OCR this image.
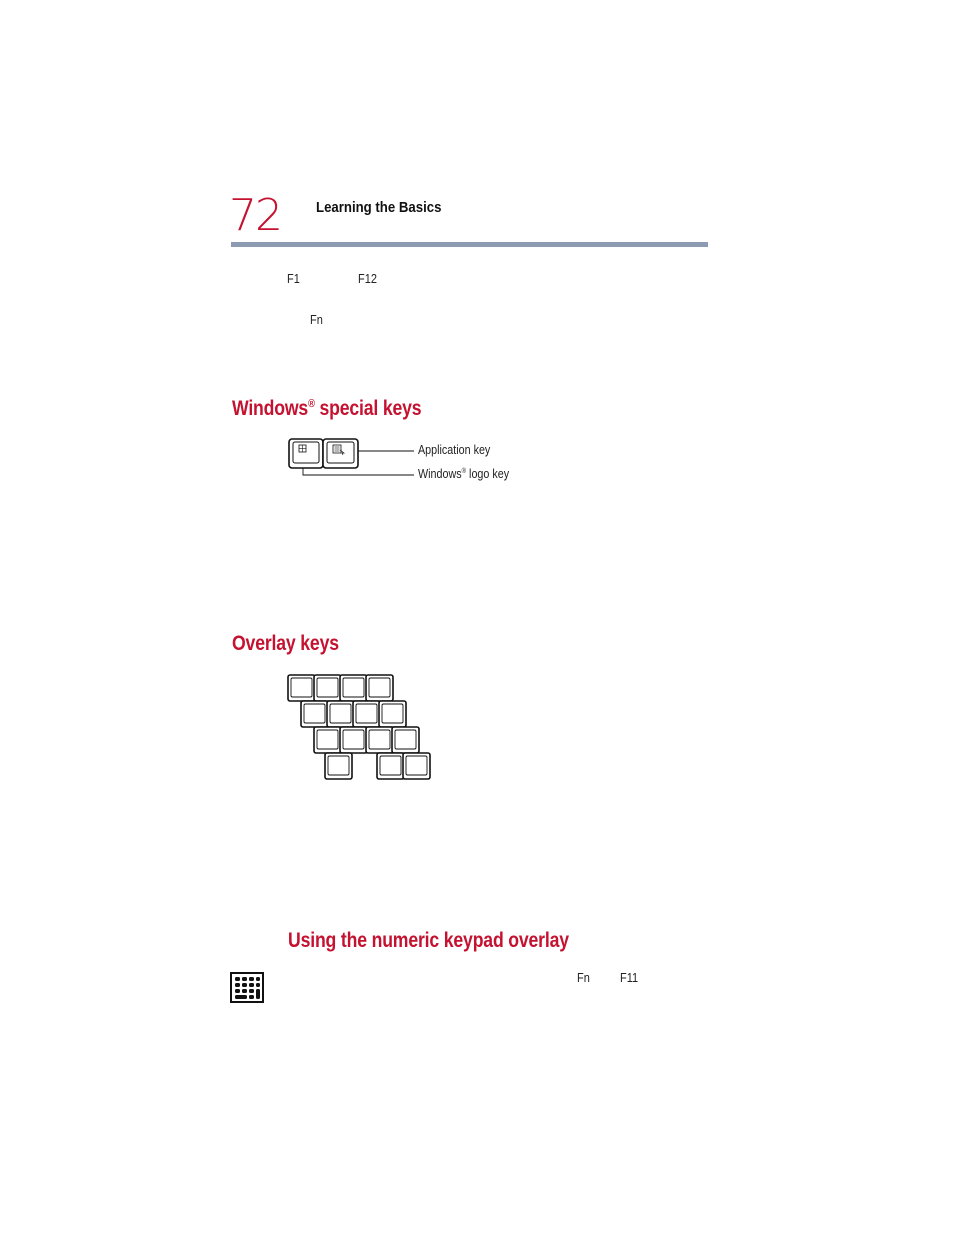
72 Learning the Basics
F1	F12
Fn
Windows® special keys
Application key
Windows® logo key
Overlay keys
Using the numeric keypad overlay
Fn F11
